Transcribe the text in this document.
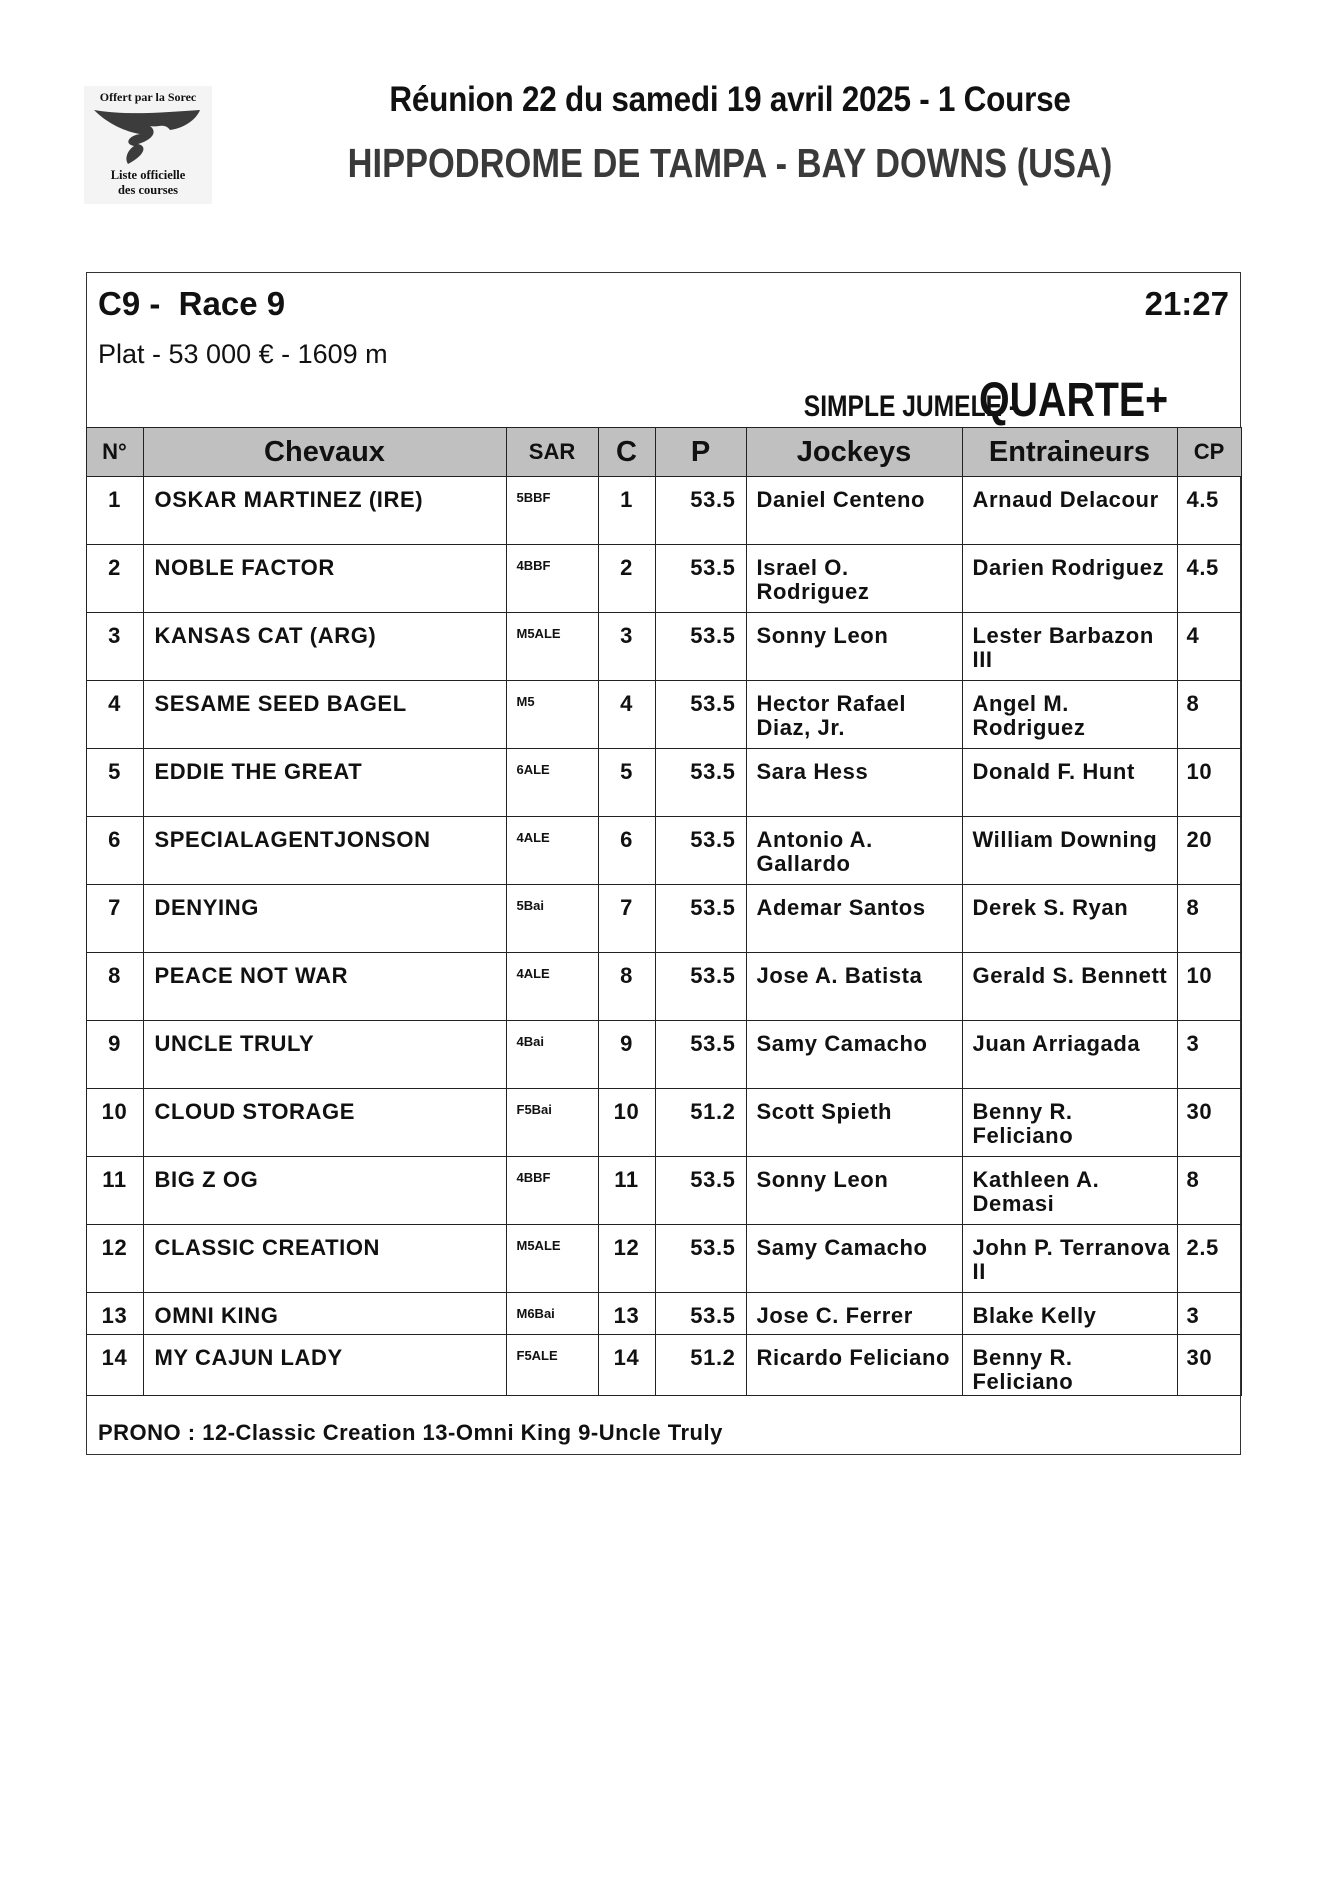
Offert par la Sorec
Liste officielle
des courses
Réunion 22 du samedi 19 avril 2025 - 1 Course
HIPPODROME DE TAMPA - BAY DOWNS (USA)
C9 -  Race 9	21:27
Plat - 53 000 € - 1609 m
SIMPLE JUMELE - QUARTE+
N°	Chevaux	SAR	C	P	Jockeys	Entraineurs	CP

1	OSKAR MARTINEZ (IRE)	5BBF	1	53.5	Daniel Centeno	Arnaud Delacour	4.5

2	NOBLE FACTOR	4BBF	2	53.5	Israel O. Rodriguez	Darien Rodriguez	4.5

3	KANSAS CAT (ARG)	M5ALE	3	53.5	Sonny Leon	Lester Barbazon III	4

4	SESAME SEED BAGEL	M5	4	53.5	Hector Rafael Diaz, Jr.	Angel M. Rodriguez	8

5	EDDIE THE GREAT	6ALE	5	53.5	Sara Hess	Donald F. Hunt	10

6	SPECIALAGENTJONSON	4ALE	6	53.5	Antonio A. Gallardo	William Downing	20

7	DENYING	5Bai	7	53.5	Ademar Santos	Derek S. Ryan	8

8	PEACE NOT WAR	4ALE	8	53.5	Jose A. Batista	Gerald S. Bennett	10

9	UNCLE TRULY	4Bai	9	53.5	Samy Camacho	Juan Arriagada	3

10	CLOUD STORAGE	F5Bai	10	51.2	Scott Spieth	Benny R. Feliciano	30

11	BIG Z OG	4BBF	11	53.5	Sonny Leon	Kathleen A. Demasi	8

12	CLASSIC CREATION	M5ALE	12	53.5	Samy Camacho	John P. Terranova II	2.5

13	OMNI KING	M6Bai	13	53.5	Jose C. Ferrer	Blake Kelly	3

14	MY CAJUN LADY	F5ALE	14	51.2	Ricardo Feliciano	Benny R. Feliciano	30
PRONO : 12-Classic Creation 13-Omni King 9-Uncle Truly
